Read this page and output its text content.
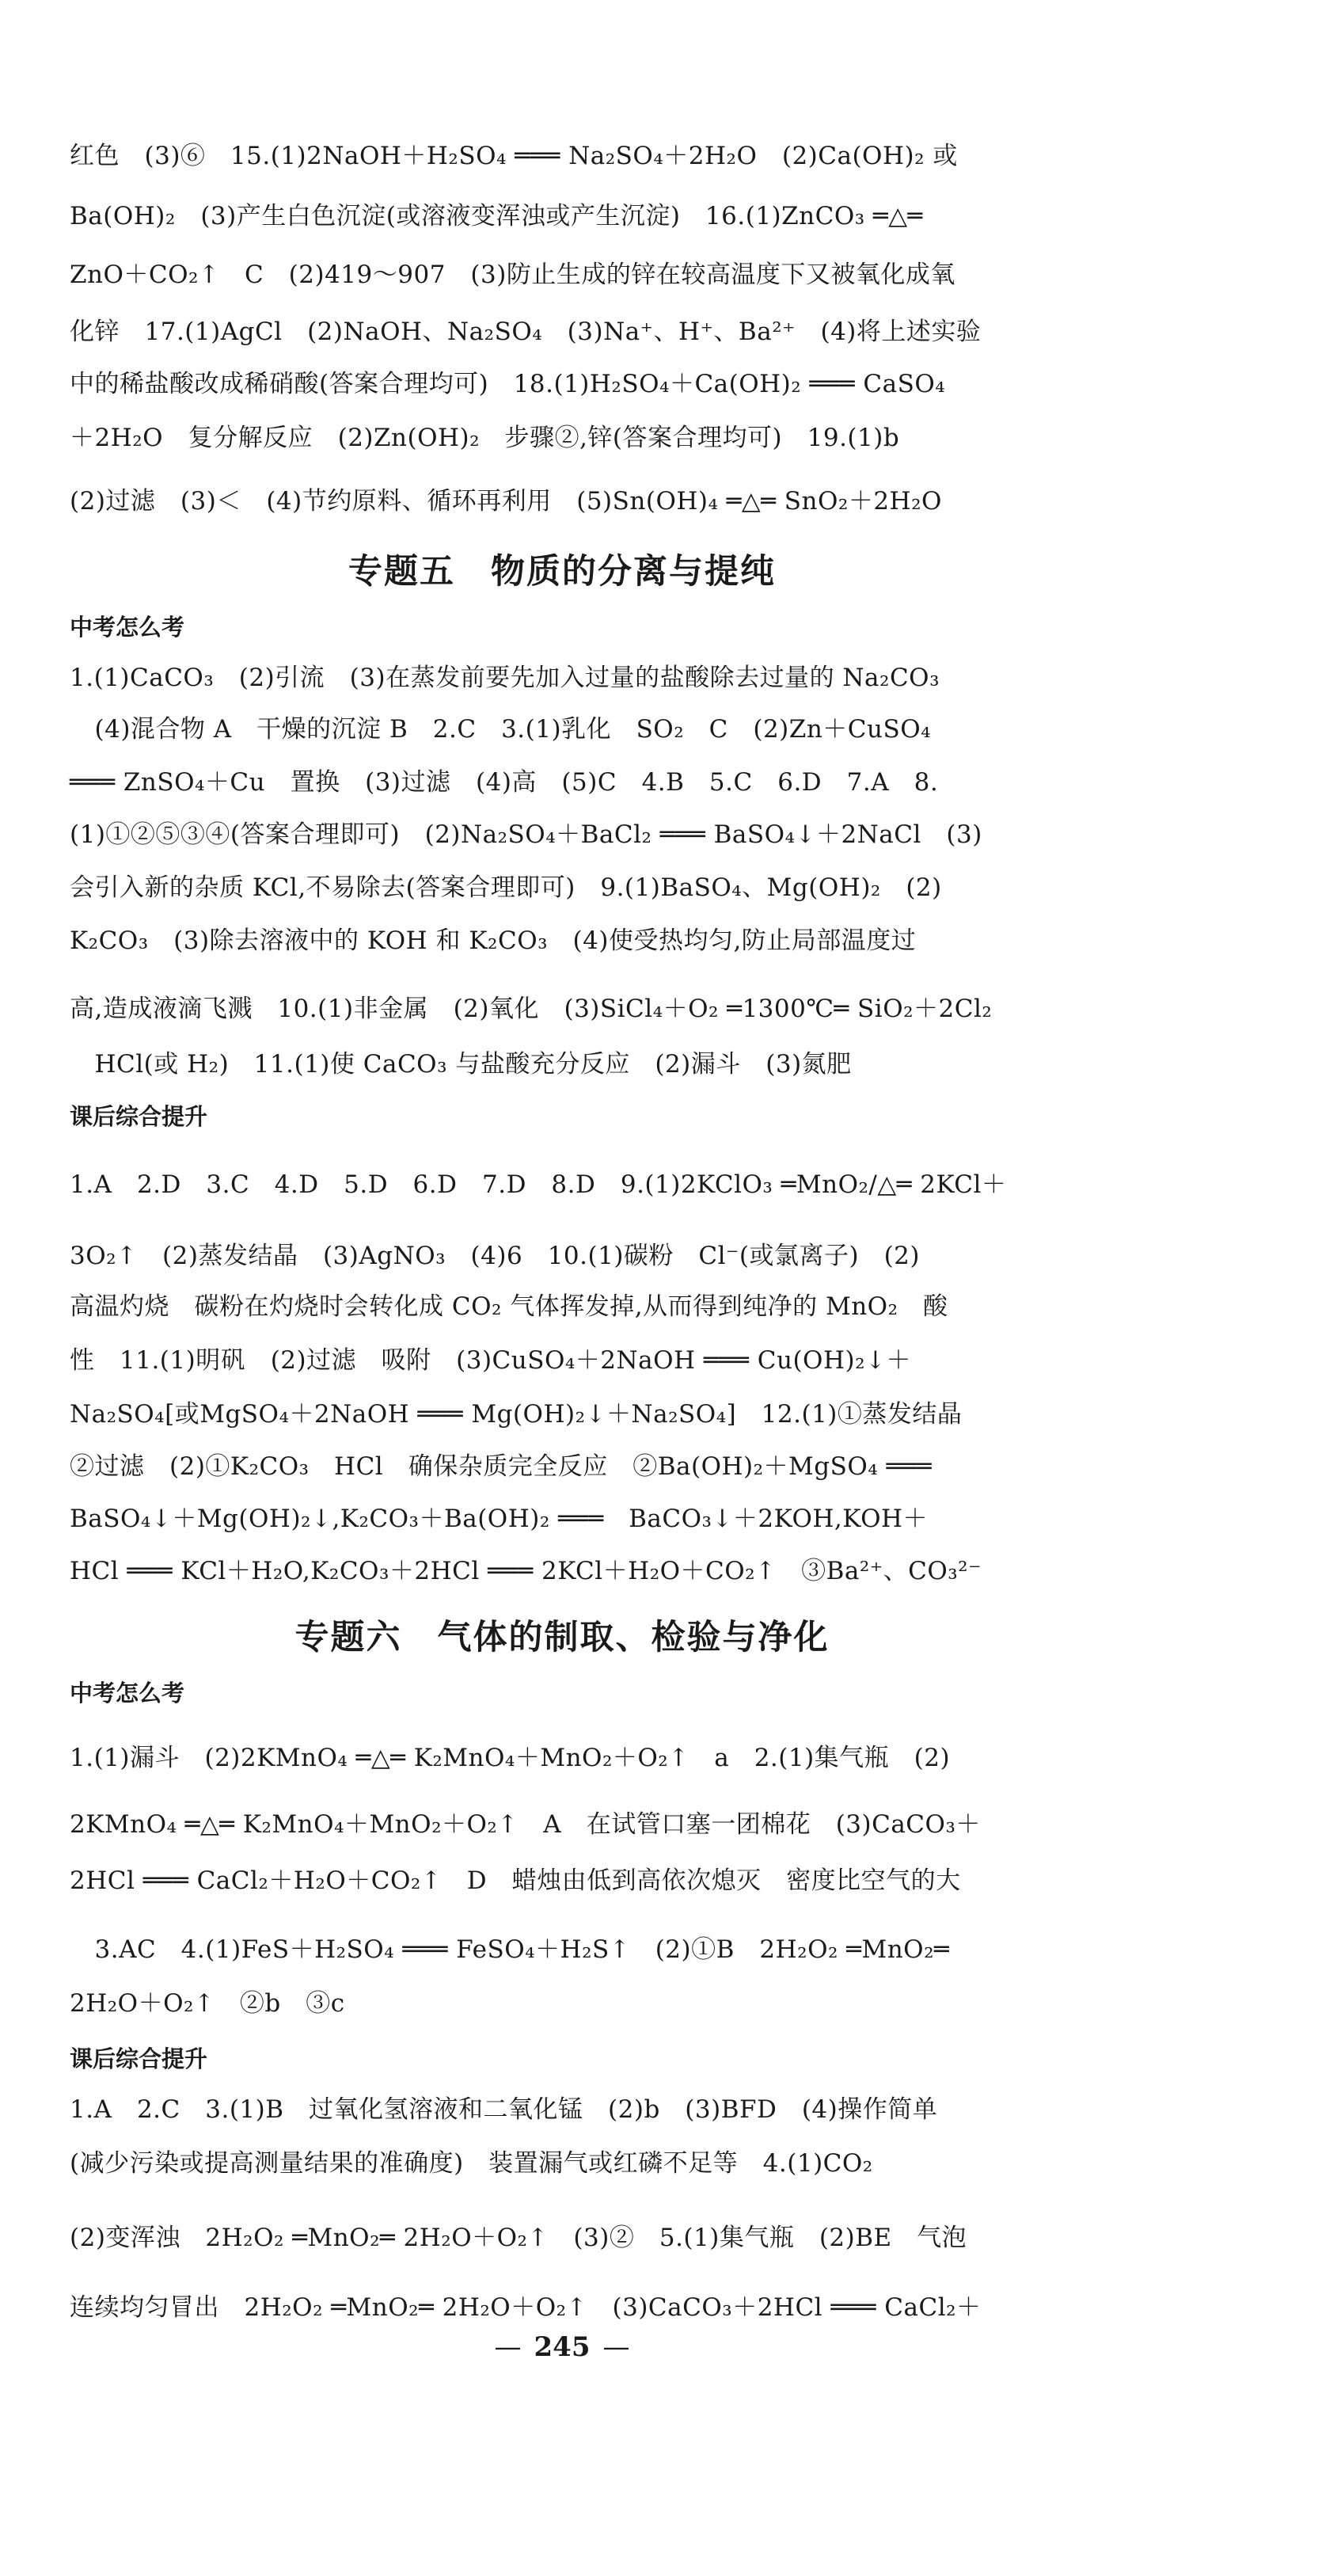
红色　(3)⑥　15.(1)2NaOH＋H₂SO₄ ═══ Na₂SO₄＋2H₂O　(2)Ca(OH)₂ 或
Ba(OH)₂　(3)产生白色沉淀(或溶液变浑浊或产生沉淀)　16.(1)ZnCO₃ ═△═
ZnO＋CO₂↑　C　(2)419～907　(3)防止生成的锌在较高温度下又被氧化成氧
化锌　17.(1)AgCl　(2)NaOH、Na₂SO₄　(3)Na⁺、H⁺、Ba²⁺　(4)将上述实验
中的稀盐酸改成稀硝酸(答案合理均可)　18.(1)H₂SO₄＋Ca(OH)₂ ═══ CaSO₄
＋2H₂O　复分解反应　(2)Zn(OH)₂　步骤②,锌(答案合理均可)　19.(1)b
(2)过滤　(3)＜　(4)节约原料、循环再利用　(5)Sn(OH)₄ ═△═ SnO₂＋2H₂O
专题五　物质的分离与提纯
中考怎么考
1.(1)CaCO₃　(2)引流　(3)在蒸发前要先加入过量的盐酸除去过量的 Na₂CO₃
　(4)混合物 A　干燥的沉淀 B　2.C　3.(1)乳化　SO₂　C　(2)Zn＋CuSO₄
═══ ZnSO₄＋Cu　置换　(3)过滤　(4)高　(5)C　4.B　5.C　6.D　7.A　8.
(1)①②⑤③④(答案合理即可)　(2)Na₂SO₄＋BaCl₂ ═══ BaSO₄↓＋2NaCl　(3)
会引入新的杂质 KCl,不易除去(答案合理即可)　9.(1)BaSO₄、Mg(OH)₂　(2)
K₂CO₃　(3)除去溶液中的 KOH 和 K₂CO₃　(4)使受热均匀,防止局部温度过
高,造成液滴飞溅　10.(1)非金属　(2)氧化　(3)SiCl₄＋O₂ ═1300℃═ SiO₂＋2Cl₂
　HCl(或 H₂)　11.(1)使 CaCO₃ 与盐酸充分反应　(2)漏斗　(3)氮肥
课后综合提升
1.A　2.D　3.C　4.D　5.D　6.D　7.D　8.D　9.(1)2KClO₃ ═MnO₂/△═ 2KCl＋
3O₂↑　(2)蒸发结晶　(3)AgNO₃　(4)6　10.(1)碳粉　Cl⁻(或氯离子)　(2)
高温灼烧　碳粉在灼烧时会转化成 CO₂ 气体挥发掉,从而得到纯净的 MnO₂　酸
性　11.(1)明矾　(2)过滤　吸附　(3)CuSO₄＋2NaOH ═══ Cu(OH)₂↓＋
Na₂SO₄[或MgSO₄＋2NaOH ═══ Mg(OH)₂↓＋Na₂SO₄]　12.(1)①蒸发结晶
②过滤　(2)①K₂CO₃　HCl　确保杂质完全反应　②Ba(OH)₂＋MgSO₄ ═══
BaSO₄↓＋Mg(OH)₂↓,K₂CO₃＋Ba(OH)₂ ═══　BaCO₃↓＋2KOH,KOH＋
HCl ═══ KCl＋H₂O,K₂CO₃＋2HCl ═══ 2KCl＋H₂O＋CO₂↑　③Ba²⁺、CO₃²⁻
专题六　气体的制取、检验与净化
中考怎么考
1.(1)漏斗　(2)2KMnO₄ ═△═ K₂MnO₄＋MnO₂＋O₂↑　a　2.(1)集气瓶　(2)
2KMnO₄ ═△═ K₂MnO₄＋MnO₂＋O₂↑　A　在试管口塞一团棉花　(3)CaCO₃＋
2HCl ═══ CaCl₂＋H₂O＋CO₂↑　D　蜡烛由低到高依次熄灭　密度比空气的大
　3.AC　4.(1)FeS＋H₂SO₄ ═══ FeSO₄＋H₂S↑　(2)①B　2H₂O₂ ═MnO₂═
2H₂O＋O₂↑　②b　③c
课后综合提升
1.A　2.C　3.(1)B　过氧化氢溶液和二氧化锰　(2)b　(3)BFD　(4)操作简单
(减少污染或提高测量结果的准确度)　装置漏气或红磷不足等　4.(1)CO₂
(2)变浑浊　2H₂O₂ ═MnO₂═ 2H₂O＋O₂↑　(3)②　5.(1)集气瓶　(2)BE　气泡
连续均匀冒出　2H₂O₂ ═MnO₂═ 2H₂O＋O₂↑　(3)CaCO₃＋2HCl ═══ CaCl₂＋
— 245 —
